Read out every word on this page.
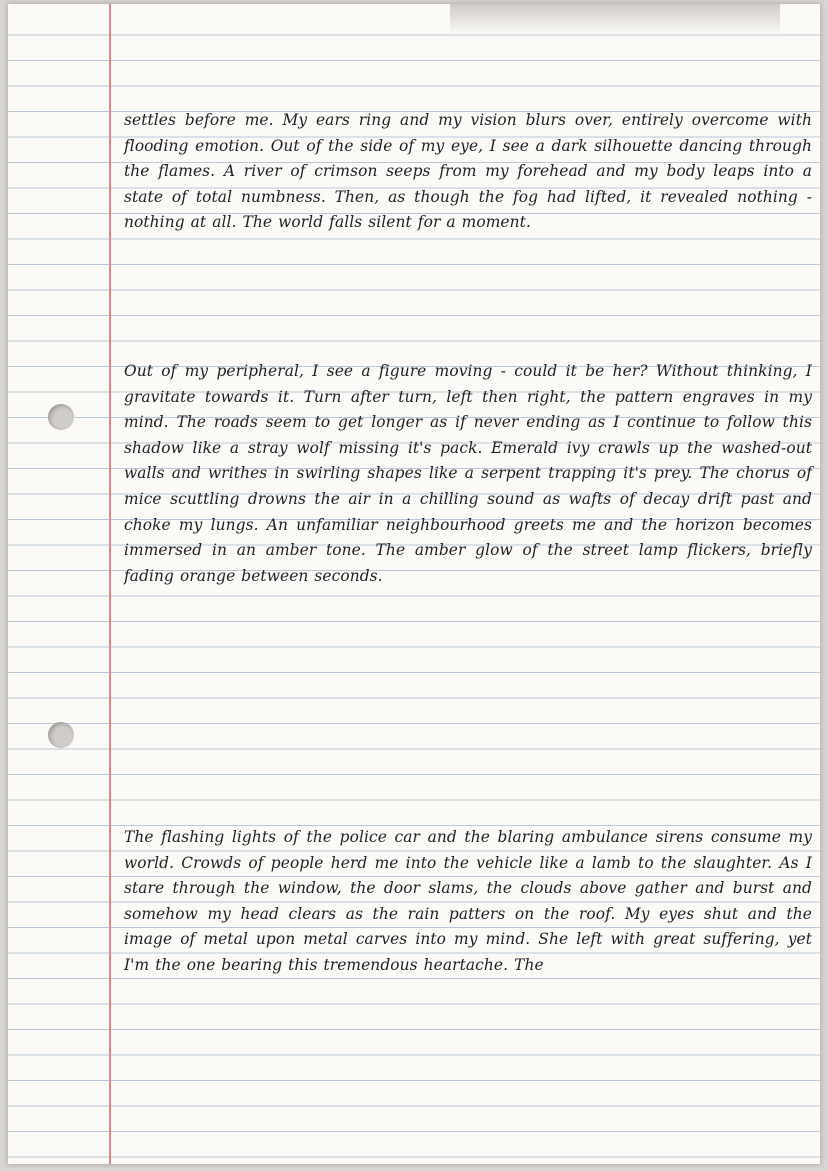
settles before me. My ears ring and my vision blurs over, entirely overcome with flooding emotion. Out of the side of my eye, I see a dark silhouette dancing through the flames. A river of crimson seeps from my forehead and my body leaps into a state of total numbness. Then, as though the fog had lifted, it revealed nothing - nothing at all. The world falls silent for a moment.

Out of my peripheral, I see a figure moving - could it be her? Without thinking, I gravitate towards it. Turn after turn, left then right, the pattern engraves in my mind. The roads seem to get longer as if never ending as I continue to follow this shadow like a stray wolf missing it's pack. Emerald ivy crawls up the washed-out walls and writhes in swirling shapes like a serpent trapping it's prey. The chorus of mice scuttling drowns the air in a chilling sound as wafts of decay drift past and choke my lungs. An unfamiliar neighbourhood greets me and the horizon becomes immersed in an amber tone. The amber glow of the street lamp flickers, briefly fading orange between seconds.

The flashing lights of the police car and the blaring ambulance sirens consume my world. Crowds of people herd me into the vehicle like a lamb to the slaughter. As I stare through the window, the door slams, the clouds above gather and burst and somehow my head clears as the rain patters on the roof. My eyes shut and the image of metal upon metal carves into my mind. She left with great suffering, yet I'm the one bearing this tremendous heartache. The
